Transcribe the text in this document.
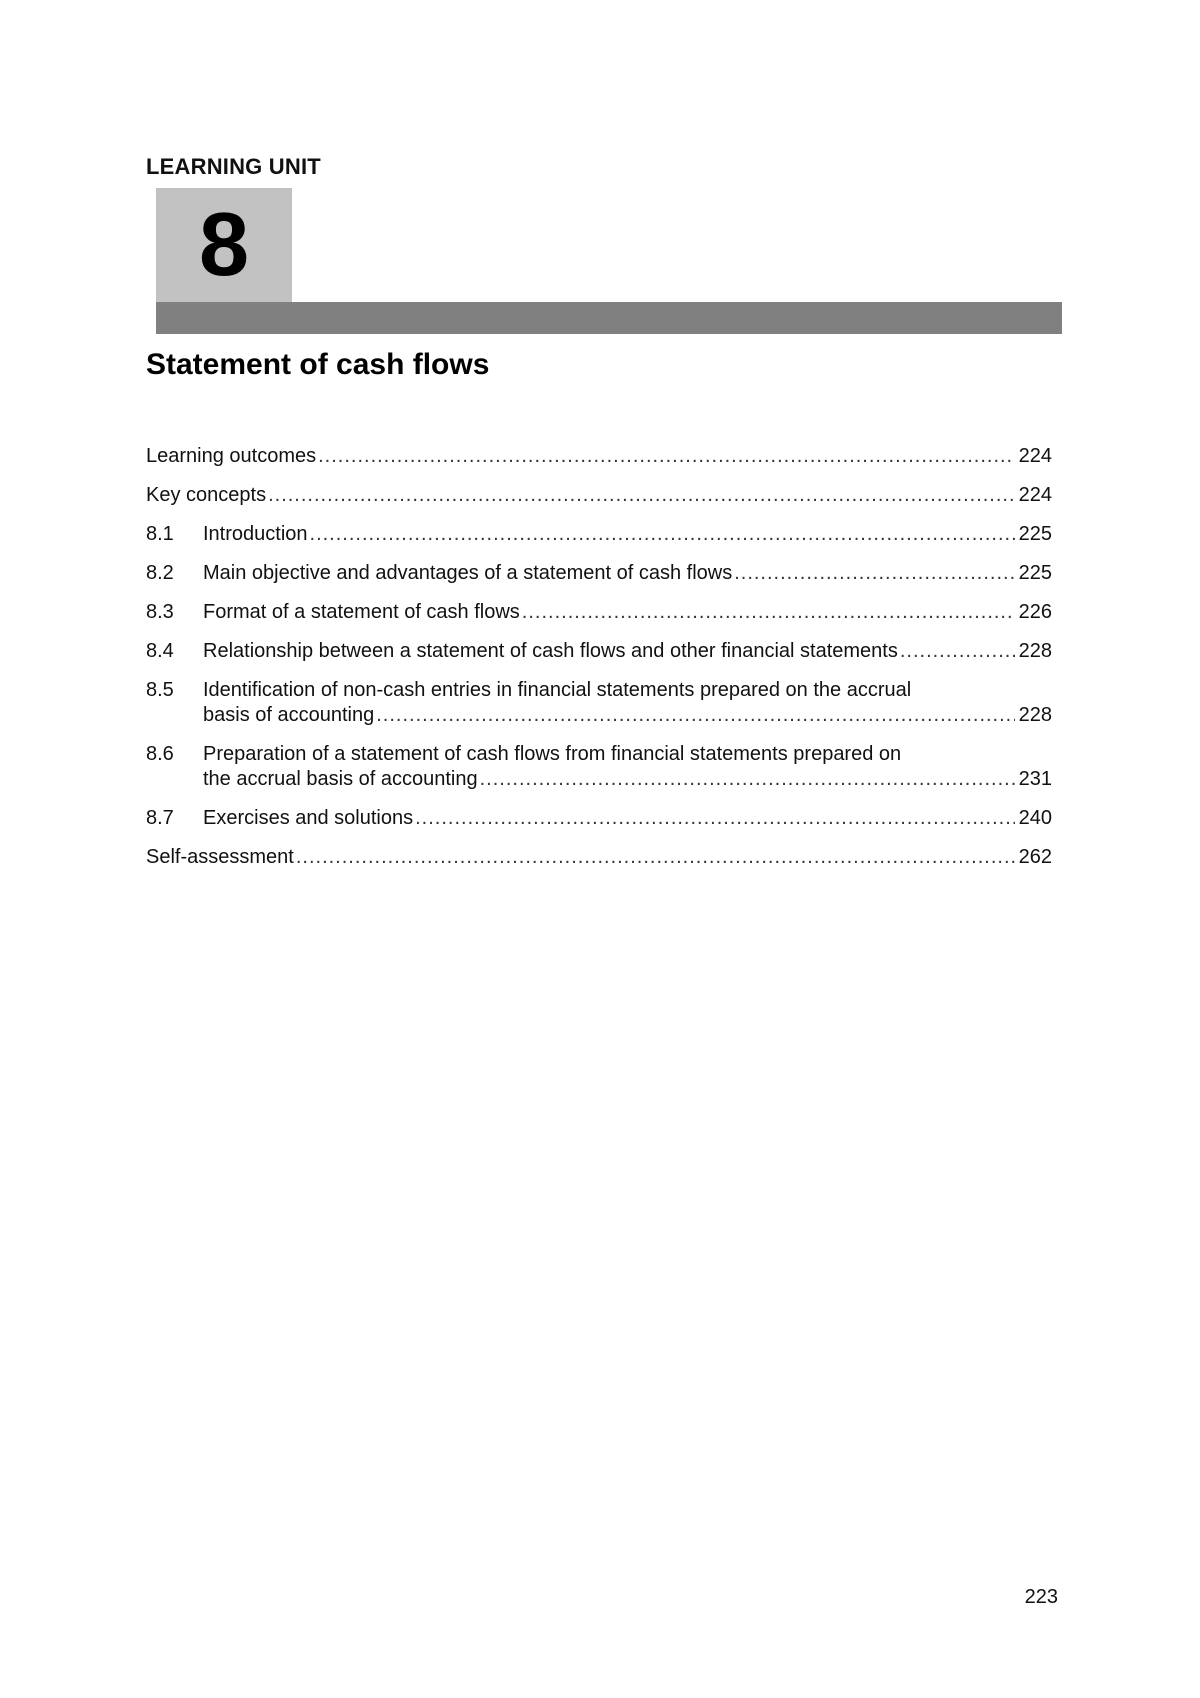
LEARNING UNIT
8
Statement of cash flows
Learning outcomes .....	224
Key concepts .....	224
8.1	Introduction .....	225
8.2	Main objective and advantages of a statement of cash flows .....	225
8.3	Format of a statement of cash flows .....	226
8.4	Relationship between a statement of cash flows and other financial statements .....	228
8.5	Identification of non-cash entries in financial statements prepared on the accrual
basis of accounting .....	228
8.6	Preparation of a statement of cash flows from financial statements prepared on
the accrual basis of accounting .....	231
8.7	Exercises and solutions .....	240
Self-assessment .....	262
223
